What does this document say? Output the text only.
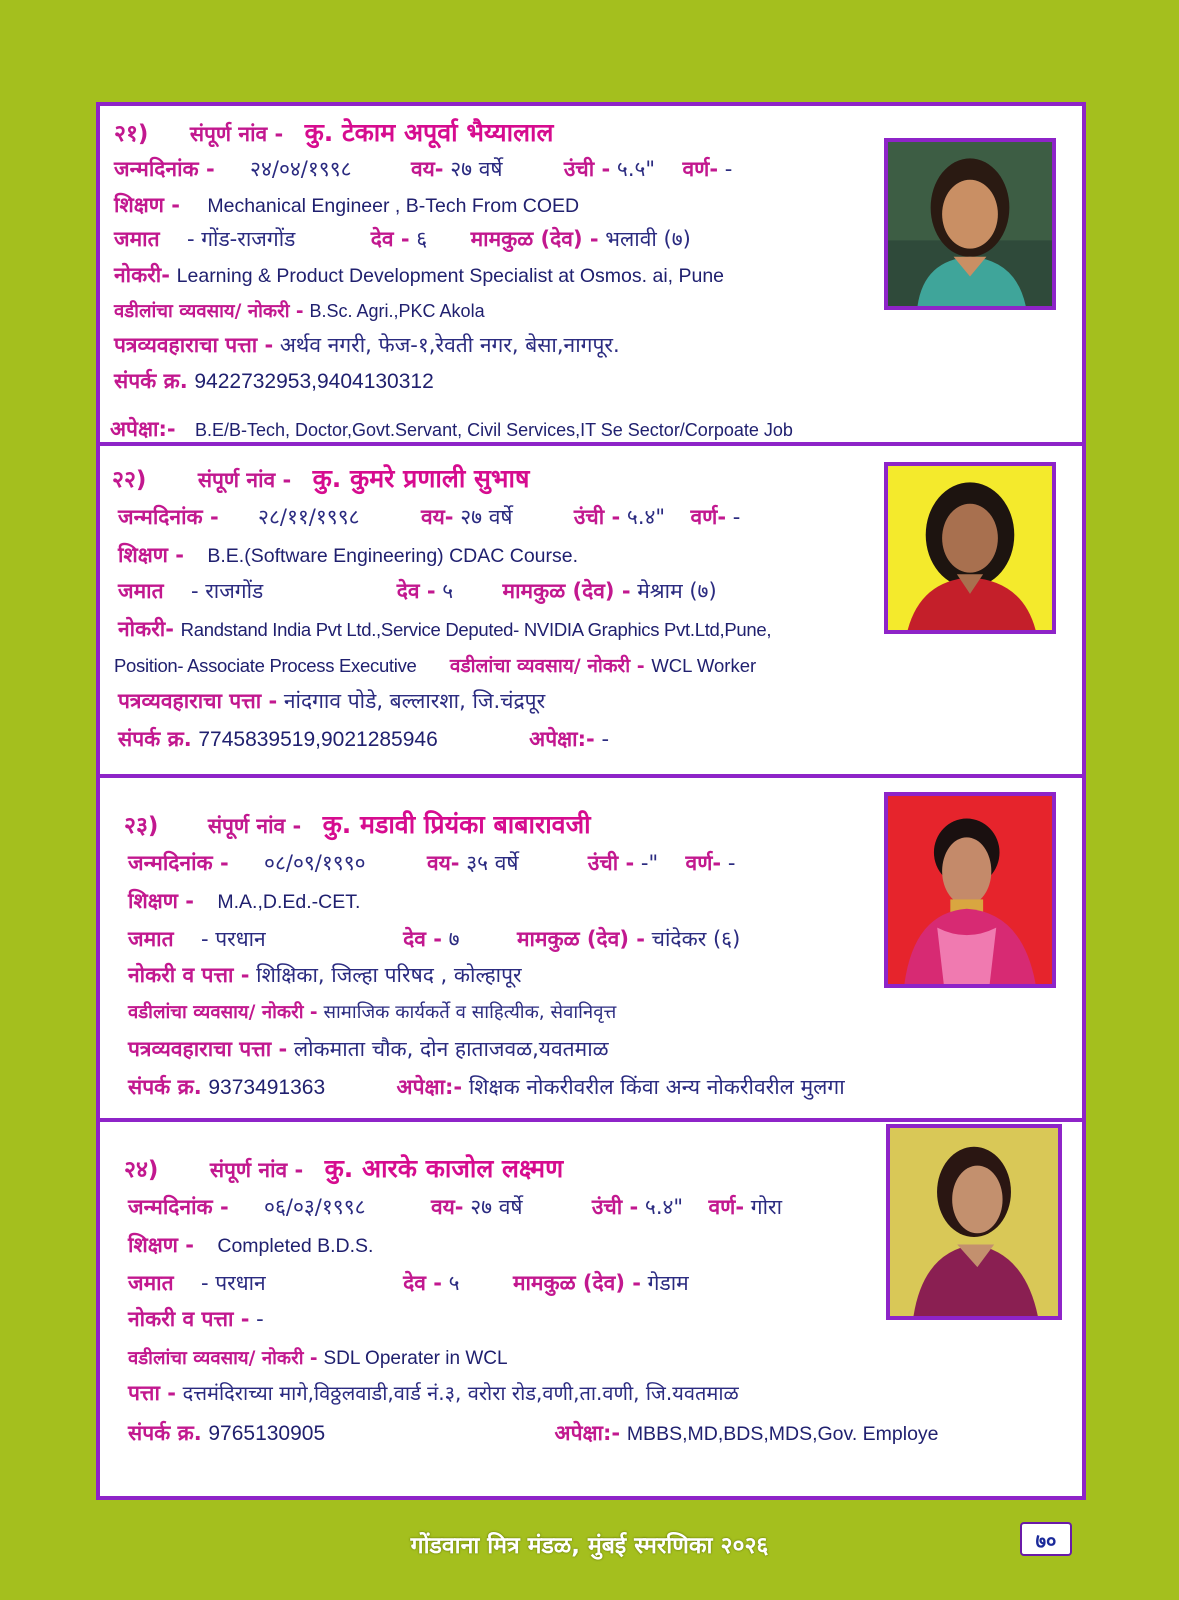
२१) संपूर्ण नांव - कु. टेकाम अपूर्वा भैय्यालाल
जन्मदिनांक - २४/०४/१९९८	वय- २७ वर्षे	उंची - ५.५" वर्ण- -
शिक्षण - Mechanical Engineer , B-Tech From COED
जमात - गोंड-राजगोंड	देव - ६ मामकुळ (देव) - भलावी (७)
नोकरी- Learning & Product Development Specialist at Osmos. ai, Pune
वडीलांचा व्यवसाय/ नोकरी - B.Sc. Agri.,PKC Akola
पत्रव्यवहाराचा पत्ता - अर्थव नगरी, फेज-१,रेवती नगर, बेसा,नागपूर.
संपर्क क्र. 9422732953,9404130312
अपेक्षा:- B.E/B-Tech, Doctor,Govt.Servant, Civil Services,IT Se Sector/Corpoate Job
२२) संपूर्ण नांव - कु. कुमरे प्रणाली सुभाष
जन्मदिनांक - २८/११/१९९८	वय- २७ वर्षे	उंची - ५.४" वर्ण- -
शिक्षण - B.E.(Software Engineering) CDAC Course.
जमात - राजगोंड	देव - ५ मामकुळ (देव) - मेश्राम (७)
नोकरी- Randstand India Pvt Ltd.,Service Deputed- NVIDIA Graphics Pvt.Ltd,Pune,
Position- Associate Process Executive वडीलांचा व्यवसाय/ नोकरी - WCL Worker
पत्रव्यवहाराचा पत्ता - नांदगाव पोडे, बल्लारशा, जि.चंद्रपूर
संपर्क क्र. 7745839519,9021285946	अपेक्षा:- -
२३) संपूर्ण नांव - कु. मडावी प्रियंका बाबारावजी
जन्मदिनांक - ०८/०९/१९९०	वय- ३५ वर्षे	उंची - -" वर्ण- -
शिक्षण - M.A.,D.Ed.-CET.
जमात - परधान	देव - ७	मामकुळ (देव) - चांदेकर (६)
नोकरी व पत्ता - शिक्षिका, जिल्हा परिषद , कोल्हापूर
वडीलांचा व्यवसाय/ नोकरी - सामाजिक कार्यकर्ते व साहित्यीक, सेवानिवृत्त
पत्रव्यवहाराचा पत्ता - लोकमाता चौक, दोन हाताजवळ,यवतमाळ
संपर्क क्र. 9373491363	अपेक्षा:- शिक्षक नोकरीवरील किंवा अन्य नोकरीवरील मुलगा
२४) संपूर्ण नांव - कु. आरके काजोल लक्ष्मण
जन्मदिनांक - ०६/०३/१९९८	वय- २७ वर्षे	उंची - ५.४" वर्ण- गोरा
शिक्षण - Completed B.D.S.
जमात - परधान	देव - ५	मामकुळ (देव) - गेडाम
नोकरी व पत्ता - -
वडीलांचा व्यवसाय/ नोकरी - SDL Operater in WCL
पत्ता - दत्तमंदिराच्या मागे,विठ्ठलवाडी,वार्ड नं.३, वरोरा रोड,वणी,ता.वणी, जि.यवतमाळ
संपर्क क्र. 9765130905	अपेक्षा:- MBBS,MD,BDS,MDS,Gov. Employe
गोंडवाना मित्र मंडळ, मुंबई स्मरणिका २०२६	७०
